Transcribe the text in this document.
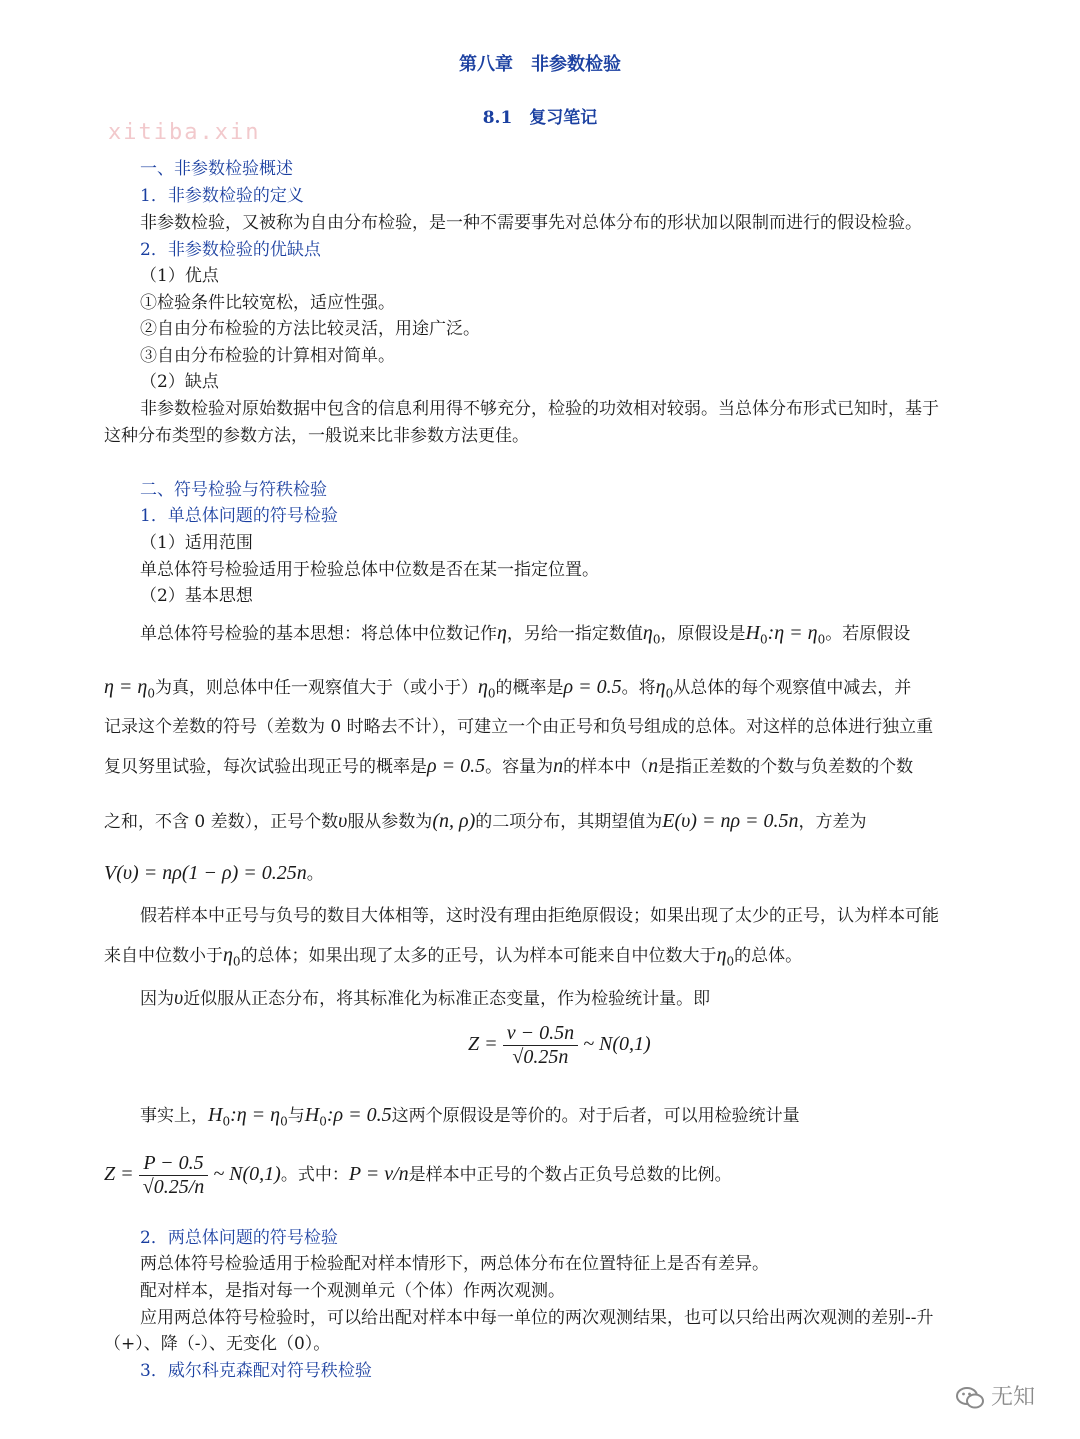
第八章　非参数检验
8.1　复习笔记
xitiba.xin
一、非参数检验概述
1．非参数检验的定义
非参数检验，又被称为自由分布检验，是一种不需要事先对总体分布的形状加以限制而进行的假设检验。
2．非参数检验的优缺点
（1）优点
①检验条件比较宽松，适应性强。
②自由分布检验的方法比较灵活，用途广泛。
③自由分布检验的计算相对简单。
（2）缺点
非参数检验对原始数据中包含的信息利用得不够充分，检验的功效相对较弱。当总体分布形式已知时，基于
这种分布类型的参数方法，一般说来比非参数方法更佳。
二、符号检验与符秩检验
1．单总体问题的符号检验
（1）适用范围
单总体符号检验适用于检验总体中位数是否在某一指定位置。
（2）基本思想
单总体符号检验的基本思想：将总体中位数记作η，另给一指定数值$\eta_0$，原假设是$H_0:\eta = \eta_0$。若原假设
$\eta = \eta_0$为真，则总体中任一观察值大于（或小于）$\eta_0$的概率是ρ = 0.5。将$\eta_0$从总体的每个观察值中减去，并
记录这个差数的符号（差数为 0 时略去不计），可建立一个由正号和负号组成的总体。对这样的总体进行独立重
复贝努里试验，每次试验出现正号的概率是ρ = 0.5。容量为n的样本中（n是指正差数的个数与负差数的个数
之和，不含 0 差数），正号个数υ服从参数为(n, ρ)的二项分布，其期望值为E(υ) = nρ = 0.5n，方差为
V(υ) = nρ(1 − ρ) = 0.25n。
假若样本中正号与负号的数目大体相等，这时没有理由拒绝原假设；如果出现了太少的正号，认为样本可能
来自中位数小于$\eta_0$的总体；如果出现了太多的正号，认为样本可能来自中位数大于$\eta_0$的总体。
因为υ近似服从正态分布，将其标准化为标准正态变量，作为检验统计量。即
$Z = \frac{v - 0.5n}{√0.25n}$ ~ N(0,1)
事实上，$H_0:\eta = \eta_0$与$H_0:\rho = 0.5$这两个原假设是等价的。对于后者，可以用检验统计量
$Z = \frac{P - 0.5}{√0.25/n}$ ~ N(0,1)。式中：P = v/n是样本中正号的个数占正负号总数的比例。
2．两总体问题的符号检验
两总体符号检验适用于检验配对样本情形下，两总体分布在位置特征上是否有差异。
配对样本，是指对每一个观测单元（个体）作两次观测。
应用两总体符号检验时，可以给出配对样本中每一单位的两次观测结果，也可以只给出两次观测的差别--升
（+）、降（-）、无变化（0）。
3．威尔科克森配对符号秩检验
无知
